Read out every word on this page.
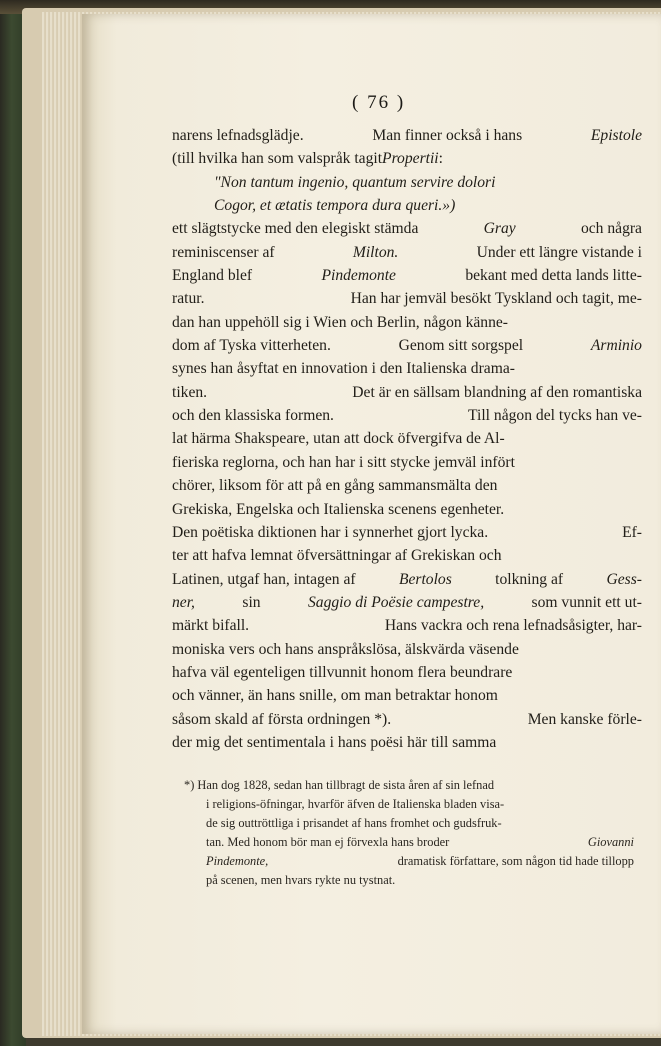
( 76 )
narens lefnadsglädje.	Man finner också i hans	Epistole
(till hvilka han som valspråk tagit Propertii :
"Non tantum ingenio, quantum servire dolori
Cogor, et ætatis tempora dura queri.»)
ett slägtstycke med den elegiskt stämda	Gray	och några
reminiscenser af	Milton.	Under ett längre vistande i
England blef	Pindemonte	bekant med detta lands litte-
ratur.	Han har jemväl besökt Tyskland och tagit, me-
dan han uppehöll sig i Wien och Berlin, någon känne-
dom af Tyska vitterheten.	Genom sitt sorgspel	Arminio
synes han åsyftat en innovation i den Italienska drama-
tiken.	Det är en sällsam blandning af den romantiska
och den klassiska formen.	Till någon del tycks han ve-
lat härma Shakspeare, utan att dock öfvergifva de Al-
fieriska reglorna, och han har i sitt stycke jemväl infört
chörer, liksom för att på en gång sammansmälta den
Grekiska, Engelska och Italienska scenens egenheter.
Den poëtiska diktionen har i synnerhet gjort lycka.	Ef-
ter att hafva lemnat öfversättningar af Grekiskan och
Latinen, utgaf han, intagen af	Bertolos	tolkning af	Gess-
ner,	sin	Saggio di Poësie campestre,	som vunnit ett ut-
märkt bifall.	Hans vackra och rena lefnadsåsigter, har-
moniska vers och hans anspråkslösa, älskvärda väsende
hafva väl egenteligen tillvunnit honom flera beundrare
och vänner, än hans snille, om man betraktar honom
såsom skald af första ordningen *).	Men kanske förle-
der mig det sentimentala i hans poësi här till samma
*) Han dog 1828, sedan han tillbragt de sista åren af sin lefnad
i religions-öfningar, hvarför äfven de Italienska bladen visa-
de sig outtröttliga i prisandet af hans fromhet och gudsfruk-
tan. Med honom bör man ej förvexla hans broder	Giovanni
Pindemonte,	dramatisk författare, som någon tid hade tillopp
på scenen, men hvars rykte nu tystnat.
